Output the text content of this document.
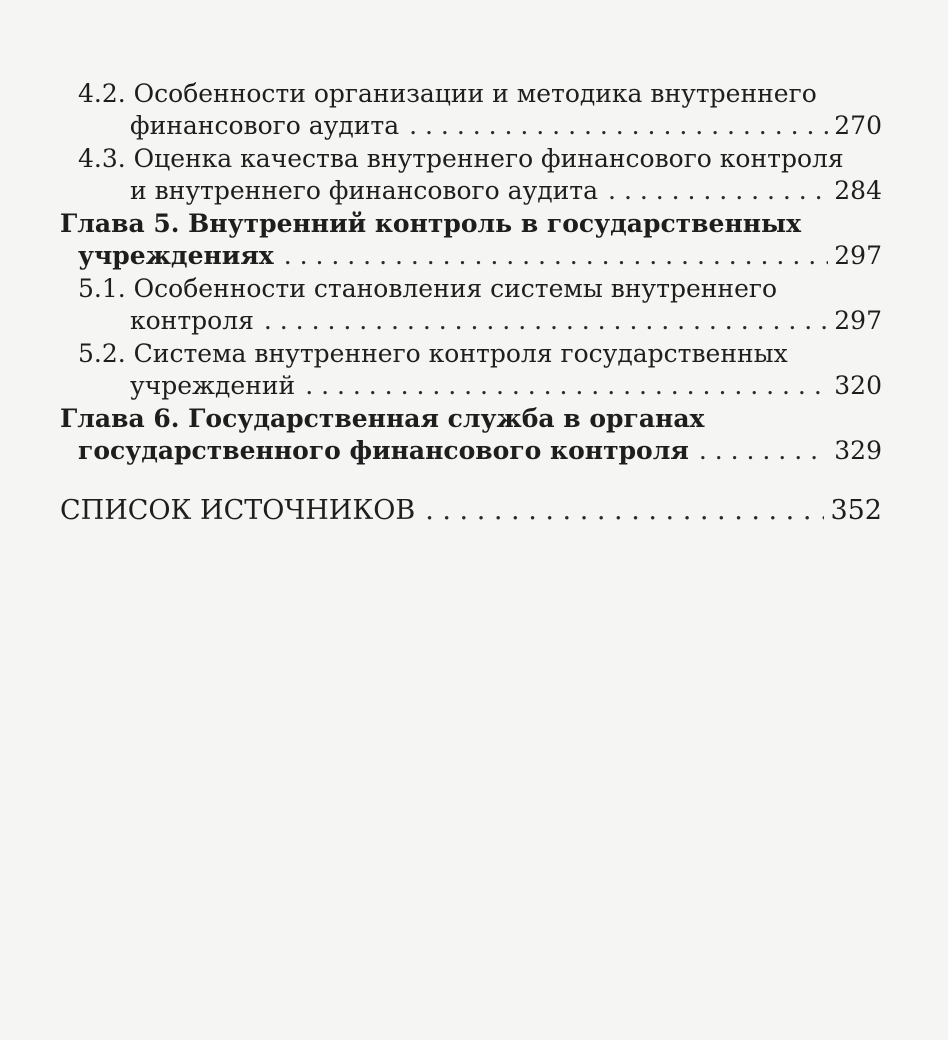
4.2. Особенности организации и методика внутреннего
финансового аудита . . .	270
4.3. Оценка качества внутреннего финансового контроля
и внутреннего финансового аудита . . .	284
Глава 5. Внутренний контроль в государственных
учреждениях . . .	297
5.1. Особенности становления системы внутреннего
контроля . . .	297
5.2. Система внутреннего контроля государственных
учреждений . . .	320
Глава 6. Государственная служба в органах
государственного финансового контроля . . .	329
СПИСОК ИСТОЧНИКОВ . . .	352
